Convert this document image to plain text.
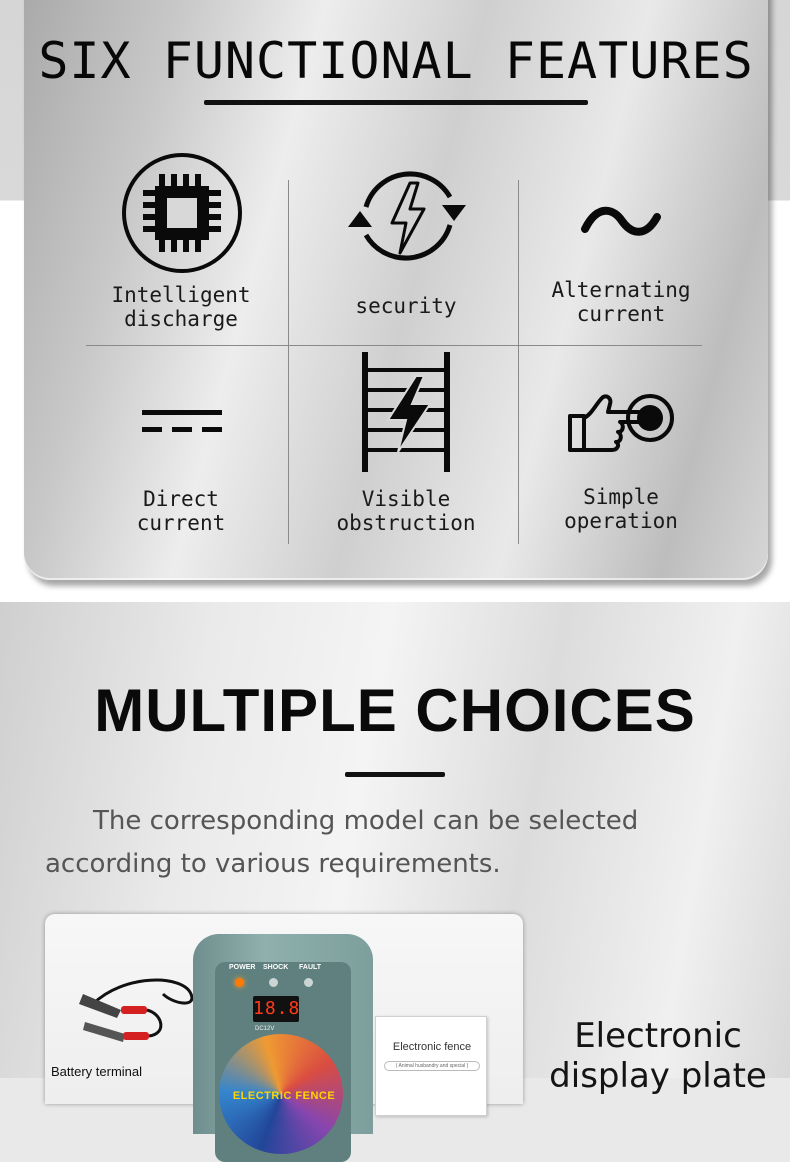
SIX FUNCTIONAL FEATURES
Intelligent
discharge
security
Alternating
current
Direct
current
Visible
obstruction
Simple
operation
MULTIPLE CHOICES
The corresponding model can be selected according to various requirements.
POWER SHOCK FAULT
18.8
DC12V
ELECTRIC FENCE
Electronic fence
( Animal husbandry and special )
Battery terminal
Electronic display plate
